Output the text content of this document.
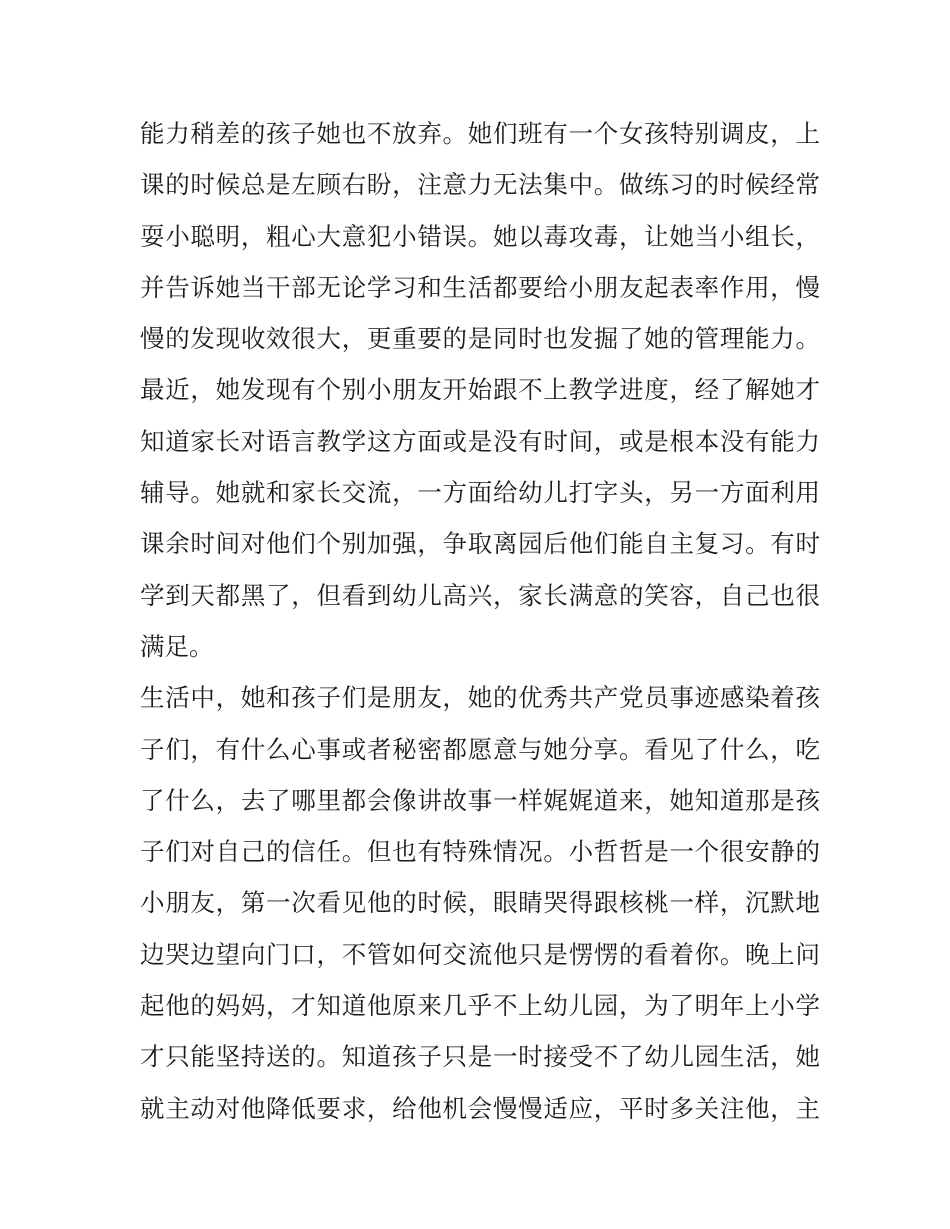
能力稍差的孩子她也不放弃。她们班有一个女孩特别调皮，上
课的时候总是左顾右盼，注意力无法集中。做练习的时候经常
耍小聪明，粗心大意犯小错误。她以毒攻毒，让她当小组长，
并告诉她当干部无论学习和生活都要给小朋友起表率作用，慢
慢的发现收效很大，更重要的是同时也发掘了她的管理能力。
最近，她发现有个别小朋友开始跟不上教学进度，经了解她才
知道家长对语言教学这方面或是没有时间，或是根本没有能力
辅导。她就和家长交流，一方面给幼儿打字头，另一方面利用
课余时间对他们个别加强，争取离园后他们能自主复习。有时
学到天都黑了，但看到幼儿高兴，家长满意的笑容，自己也很
满足。
生活中，她和孩子们是朋友，她的优秀共产党员事迹感染着孩
子们，有什么心事或者秘密都愿意与她分享。看见了什么，吃
了什么，去了哪里都会像讲故事一样娓娓道来，她知道那是孩
子们对自己的信任。但也有特殊情况。小哲哲是一个很安静的
小朋友，第一次看见他的时候，眼睛哭得跟核桃一样，沉默地
边哭边望向门口，不管如何交流他只是愣愣的看着你。晚上问
起他的妈妈，才知道他原来几乎不上幼儿园，为了明年上小学
才只能坚持送的。知道孩子只是一时接受不了幼儿园生活，她
就主动对他降低要求，给他机会慢慢适应，平时多关注他，主
